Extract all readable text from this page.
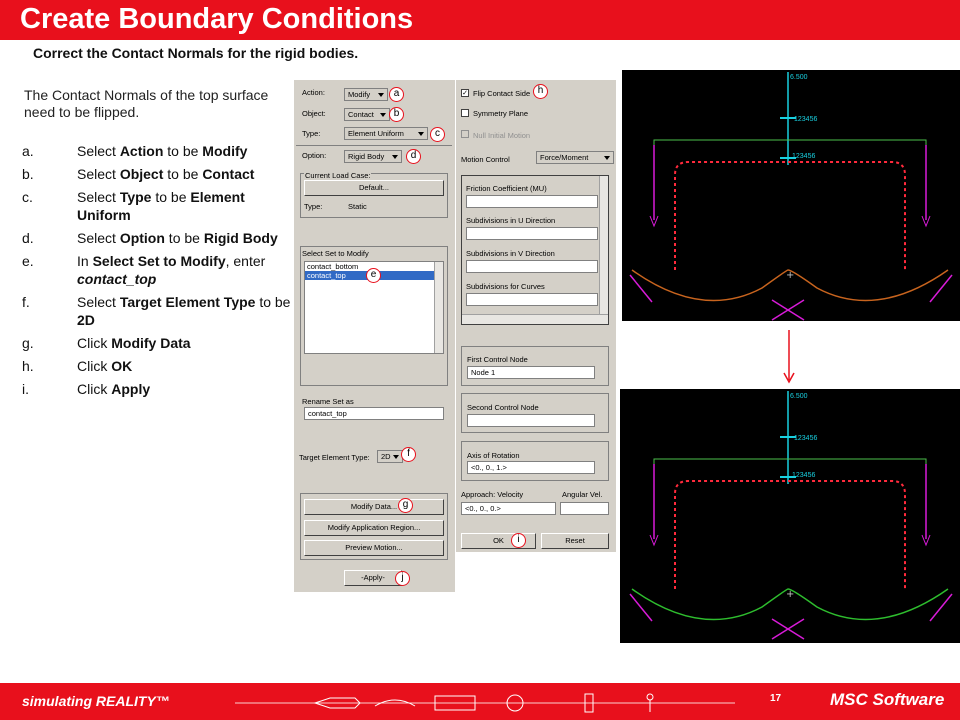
Create Boundary Conditions
Correct the Contact Normals for the rigid bodies.
The Contact Normals of the top surface need to be flipped.
a.	Select Action to be Modify
b.	Select Object to be Contact
c.	Select Type to be Element Uniform
d.	Select Option to be Rigid Body
e.	In Select Set to Modify, enter contact_top
f.	Select Target Element Type to be 2D
g.	Click Modify Data
h.	Click OK
i.	Click Apply
Action:	Modify
Object:	Contact
Type:	Element Uniform
Option:	Rigid Body
Current Load Case:
Default...
Type:	Static
Select Set to Modify
contact_bottom
contact_top
Rename Set as
contact_top
Target Element Type:	2D
Modify Data...
Modify Application Region...
Preview Motion...
-Apply-
✓ Flip Contact Side
Symmetry Plane
Null Initial Motion
Motion Control	Force/Moment
Friction Coefficient (MU)
Subdivisions in U Direction
Subdivisions in V Direction
Subdivisions for Curves
First Control Node
Node 1
Second Control Node
Axis of Rotation
<0., 0., 1.>
Approach: Velocity	Angular Vel.
<0., 0., 0.>
OK	Reset
a
b
c
d
e
f
g
h
i
j
6.500
123456
123456
+
6.500
123456
123456
+
simulating REALITY™	17	MSC Software
